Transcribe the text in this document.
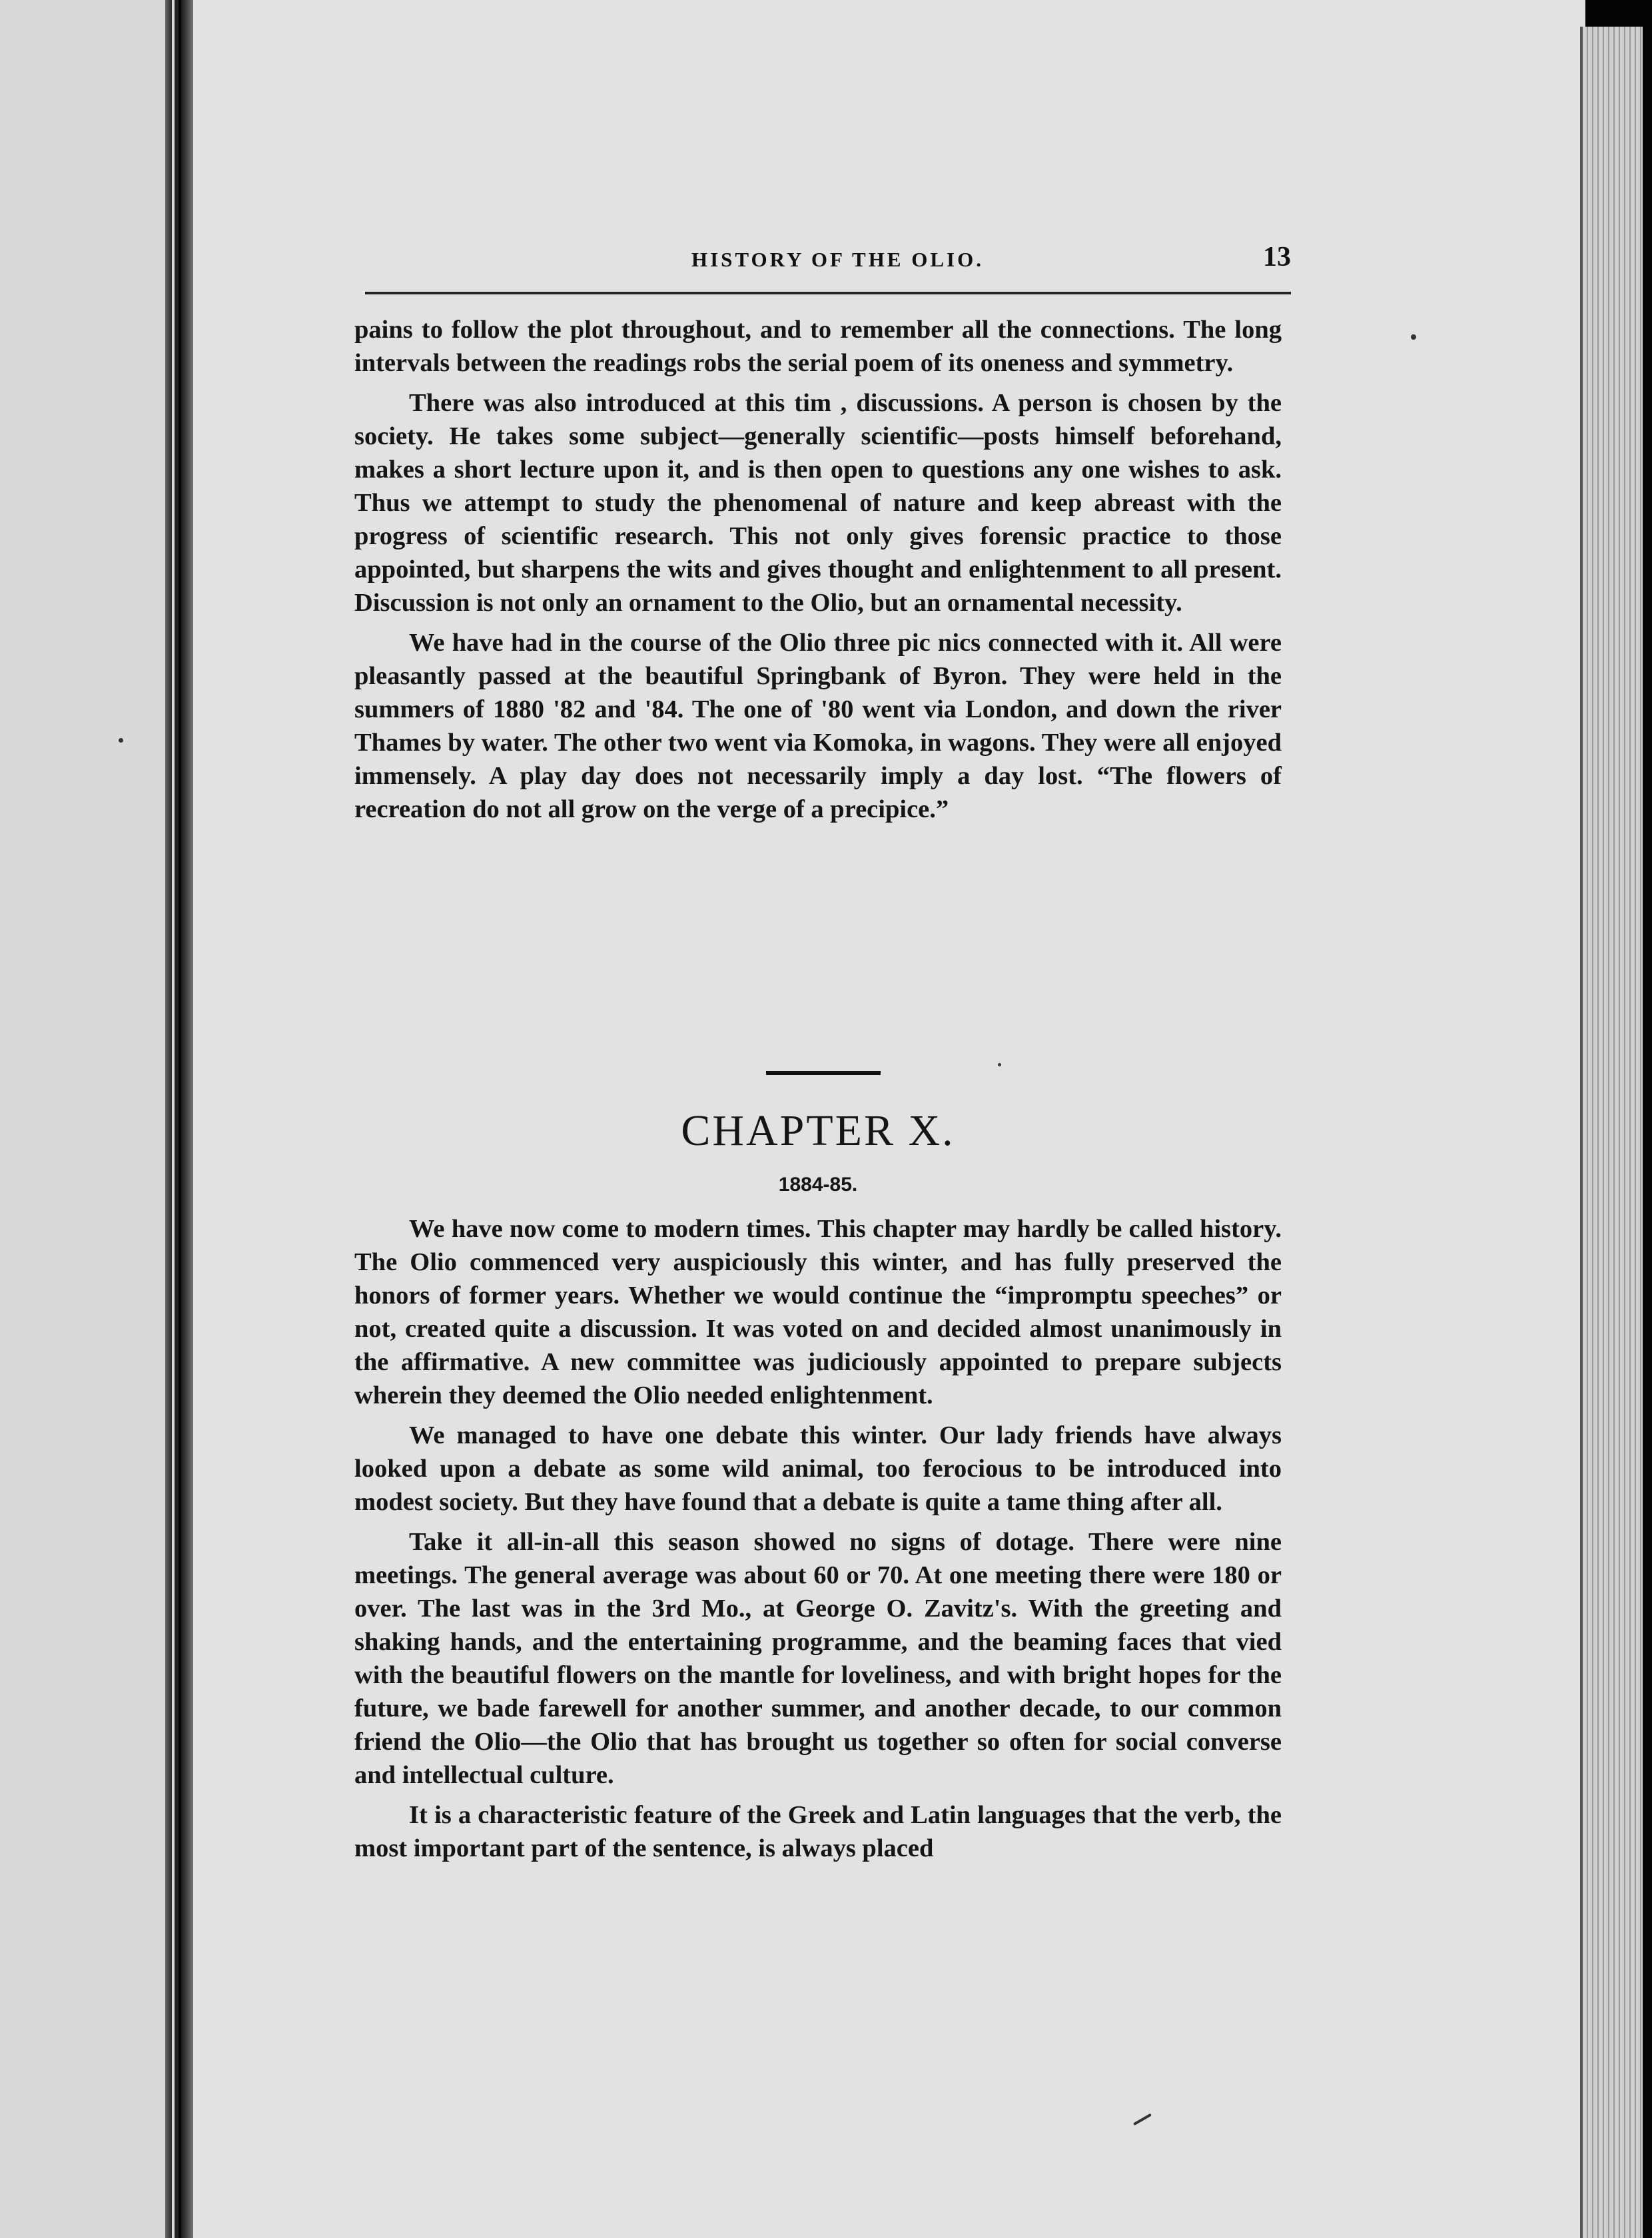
HISTORY OF THE OLIO.	13

pains to follow the plot throughout, and to remember all the connections. The long intervals between the readings robs the serial poem of its oneness and symmetry.

There was also introduced at this tim , discussions. A person is chosen by the society. He takes some subject—generally scientific—posts himself beforehand, makes a short lecture upon it, and is then open to questions any one wishes to ask. Thus we attempt to study the phenomenal of nature and keep abreast with the progress of scientific research. This not only gives forensic practice to those appointed, but sharpens the wits and gives thought and enlightenment to all present. Discussion is not only an ornament to the Olio, but an ornamental necessity.

We have had in the course of the Olio three pic nics connected with it. All were pleasantly passed at the beautiful Springbank of Byron. They were held in the summers of 1880 '82 and '84. The one of '80 went via London, and down the river Thames by water. The other two went via Komoka, in wagons. They were all enjoyed immensely. A play day does not necessarily imply a day lost. “The flowers of recreation do not all grow on the verge of a precipice.”

CHAPTER X.
1884-85.

We have now come to modern times. This chapter may hardly be called history. The Olio commenced very auspiciously this winter, and has fully preserved the honors of former years. Whether we would continue the “impromptu speeches” or not, created quite a discussion. It was voted on and decided almost unanimously in the affirmative. A new committee was judiciously appointed to prepare subjects wherein they deemed the Olio needed enlightenment.

We managed to have one debate this winter. Our lady friends have always looked upon a debate as some wild animal, too ferocious to be introduced into modest society. But they have found that a debate is quite a tame thing after all.

Take it all-in-all this season showed no signs of dotage. There were nine meetings. The general average was about 60 or 70. At one meeting there were 180 or over. The last was in the 3rd Mo., at George O. Zavitz's. With the greeting and shaking hands, and the entertaining programme, and the beaming faces that vied with the beautiful flowers on the mantle for loveliness, and with bright hopes for the future, we bade farewell for another summer, and another decade, to our common friend the Olio—the Olio that has brought us together so often for social converse and intellectual culture.

It is a characteristic feature of the Greek and Latin languages that the verb, the most important part of the sentence, is always placed
